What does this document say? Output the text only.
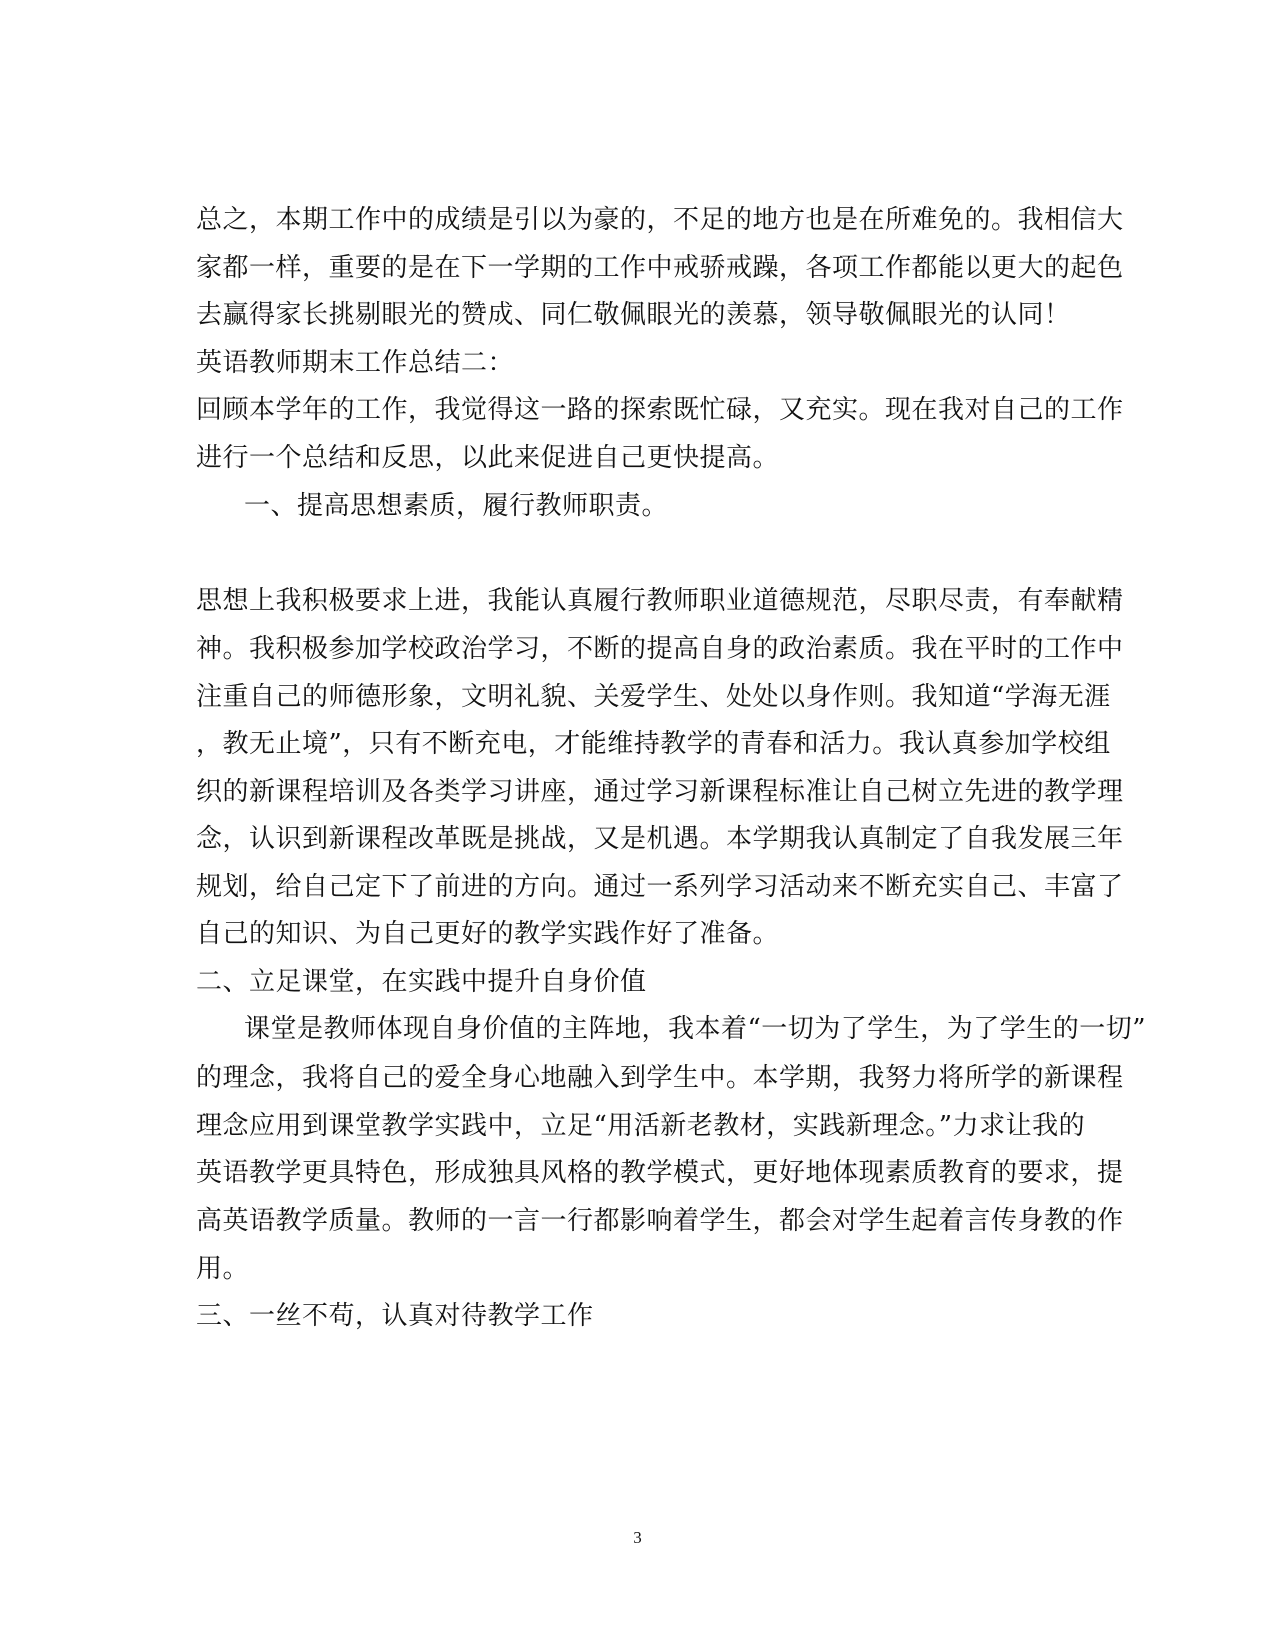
总之，本期工作中的成绩是引以为豪的，不足的地方也是在所难免的。我相信大
家都一样，重要的是在下一学期的工作中戒骄戒躁，各项工作都能以更大的起色
去赢得家长挑剔眼光的赞成、同仁敬佩眼光的羡慕，领导敬佩眼光的认同！
英语教师期末工作总结二：
回顾本学年的工作，我觉得这一路的探索既忙碌，又充实。现在我对自己的工作
进行一个总结和反思，以此来促进自己更快提高。
一、提高思想素质，履行教师职责。
思想上我积极要求上进，我能认真履行教师职业道德规范，尽职尽责，有奉献精
神。我积极参加学校政治学习，不断的提高自身的政治素质。我在平时的工作中
注重自己的师德形象，文明礼貌、关爱学生、处处以身作则。我知道“学海无涯
，教无止境”，只有不断充电，才能维持教学的青春和活力。我认真参加学校组
织的新课程培训及各类学习讲座，通过学习新课程标准让自己树立先进的教学理
念，认识到新课程改革既是挑战，又是机遇。本学期我认真制定了自我发展三年
规划，给自己定下了前进的方向。通过一系列学习活动来不断充实自己、丰富了
自己的知识、为自己更好的教学实践作好了准备。
二、立足课堂，在实践中提升自身价值
课堂是教师体现自身价值的主阵地，我本着“一切为了学生，为了学生的一切”
的理念，我将自己的爱全身心地融入到学生中。本学期，我努力将所学的新课程
理念应用到课堂教学实践中，立足“用活新老教材，实践新理念。”力求让我的
英语教学更具特色，形成独具风格的教学模式，更好地体现素质教育的要求，提
高英语教学质量。教师的一言一行都影响着学生，都会对学生起着言传身教的作
用。
三、一丝不苟，认真对待教学工作
3
